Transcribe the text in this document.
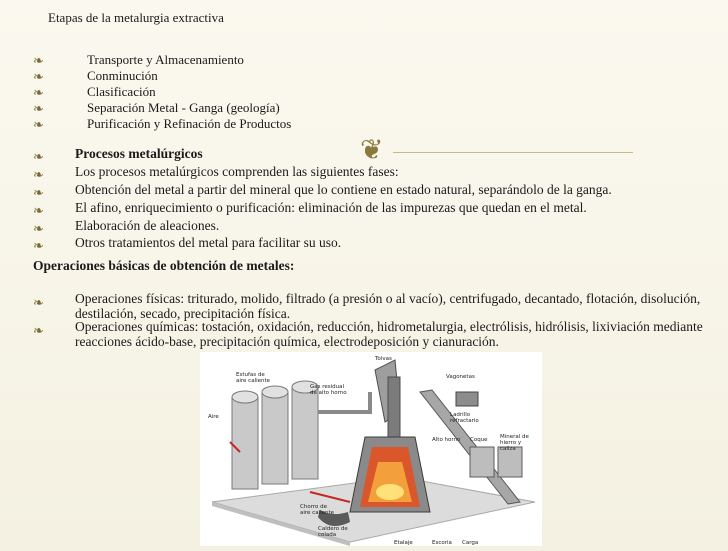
Etapas de la metalurgia extractiva
❧	Transporte y Almacenamiento
❧	Conminución
❧	Clasificación
❧	Separación Metal - Ganga (geología)
❧	Purificación y Refinación de Productos
❦
❧	Procesos metalúrgicos
❧	Los procesos metalúrgicos comprenden las siguientes fases:
❧	Obtención del metal a partir del mineral que lo contiene en estado natural, separándolo de la ganga.
❧	El afino, enriquecimiento o purificación: eliminación de las impurezas que quedan en el metal.
❧	Elaboración de aleaciones.
❧	Otros tratamientos del metal para facilitar su uso.
Operaciones básicas de obtención de metales:
❧	Operaciones físicas: triturado, molido, filtrado (a presión o al vacío), centrifugado, decantado, flotación, disolución, destilación, secado, precipitación física.
❧	Operaciones químicas: tostación, oxidación, reducción, hidrometalurgia, electrólisis, hidrólisis, lixiviación mediante reacciones ácido-base, precipitación química, electrodeposición y cianuración.
Estufas de aire caliente
Aire
Gas residual de alto horno
Tolvas
Vagonetas
Ladrillo refractario
Alto horno Coque Mineral de hierro y caliza
Chorro de aire caliente
Caldero de colada
Escoria Carga
Etalaje
